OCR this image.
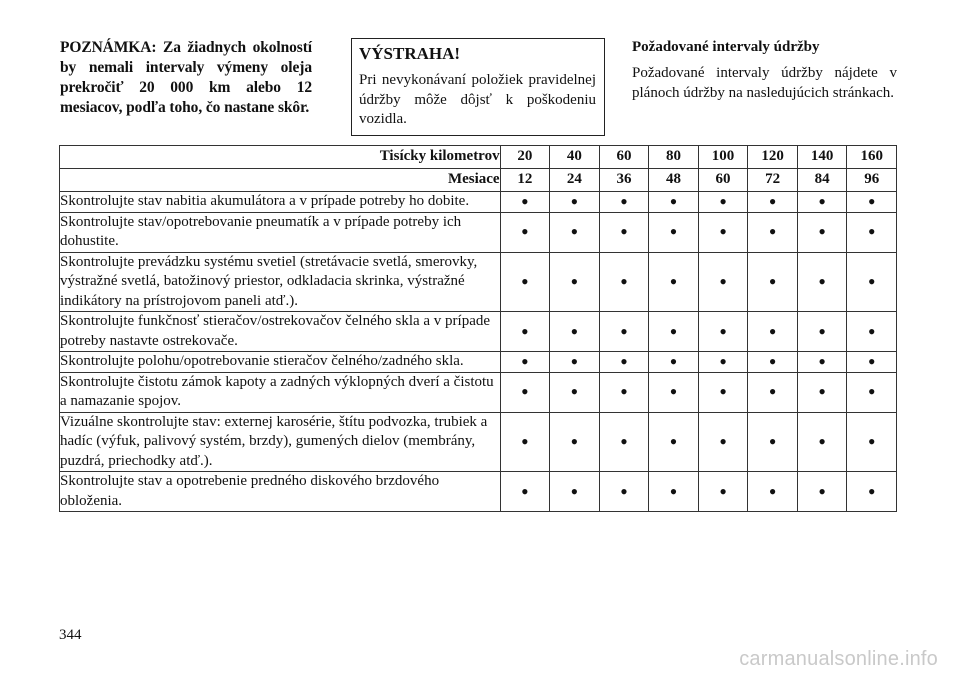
POZNÁMKA: Za žiadnych okolností by nemali intervaly výmeny oleja prekročiť 20 000 km alebo 12 mesiacov, podľa toho, čo nastane skôr.
VÝSTRAHA!
Pri nevykonávaní položiek pravidelnej údržby môže dôjsť k poškodeniu vozidla.
Požadované intervaly údržby
Požadované intervaly údržby nájdete v plánoch údržby na nasledujúcich stránkach.
Tisícky kilometrov	20	40	60	80	100	120	140	160
Mesiace	12	24	36	48	60	72	84	96
Skontrolujte stav nabitia akumulátora a v prípade potreby ho dobite.	•	•	•	•	•	•	•	•
Skontrolujte stav/opotrebovanie pneumatík a v prípade potreby ich dohustite.	•	•	•	•	•	•	•	•
Skontrolujte prevádzku systému svetiel (stretávacie svetlá, smerovky, výstražné svetlá, batožinový priestor, odkladacia skrinka, výstražné indikátory na prístrojovom paneli atď.).	•	•	•	•	•	•	•	•
Skontrolujte funkčnosť stieračov/ostrekovačov čelného skla a v prípade potreby nastavte ostrekovače.	•	•	•	•	•	•	•	•
Skontrolujte polohu/opotrebovanie stieračov čelného/zadného skla.	•	•	•	•	•	•	•	•
Skontrolujte čistotu zámok kapoty a zadných výklopných dverí a čistotu a namazanie spojov.	•	•	•	•	•	•	•	•
Vizuálne skontrolujte stav: externej karosérie, štítu podvozka, trubiek a hadíc (výfuk, palivový systém, brzdy), gumených dielov (membrány, puzdrá, priechodky atď.).	•	•	•	•	•	•	•	•
Skontrolujte stav a opotrebenie predného diskového brzdového obloženia.	•	•	•	•	•	•	•	•
344
carmanualsonline.info
